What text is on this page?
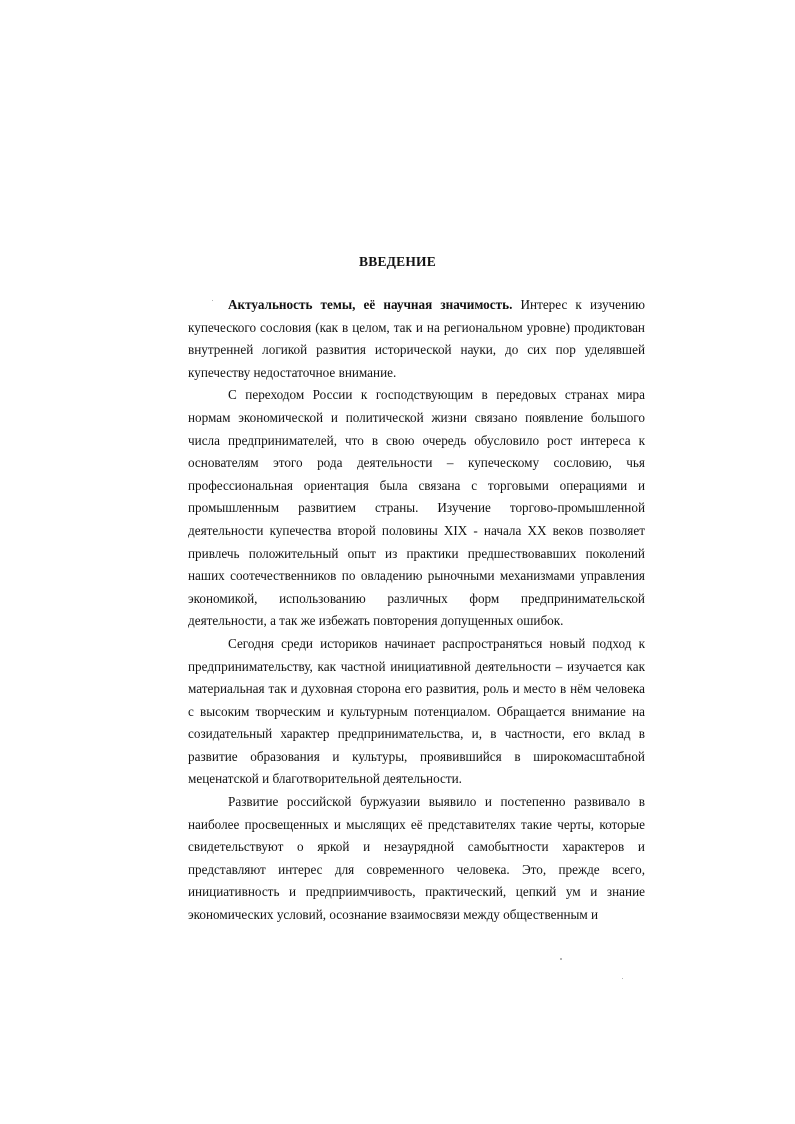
ВВЕДЕНИЕ

Актуальность темы, её научная значимость. Интерес к изучению купеческого сословия (как в целом, так и на региональном уровне) продиктован внутренней логикой развития исторической науки, до сих пор уделявшей купечеству недостаточное внимание.

С переходом России к господствующим в передовых странах мира нормам экономической и политической жизни связано появление большого числа предпринимателей, что в свою очередь обусловило рост интереса к основателям этого рода деятельности – купеческому сословию, чья профессиональная ориентация была связана с торговыми операциями и промышленным развитием страны. Изучение торгово-промышленной деятельности купечества второй половины XIX - начала XX веков позволяет привлечь положительный опыт из практики предшествовавших поколений наших соотечественников по овладению рыночными механизмами управления экономикой, использованию различных форм предпринимательской деятельности, а так же избежать повторения допущенных ошибок.

Сегодня среди историков начинает распространяться новый подход к предпринимательству, как частной инициативной деятельности – изучается как материальная так и духовная сторона его развития, роль и место в нём человека с высоким творческим и культурным потенциалом. Обращается внимание на созидательный характер предпринимательства, и, в частности, его вклад в развитие образования и культуры, проявившийся в широкомасштабной меценатской и благотворительной деятельности.

Развитие российской буржуазии выявило и постепенно развивало в наиболее просвещенных и мыслящих её представителях такие черты, которые свидетельствуют о яркой и незаурядной самобытности характеров и представляют интерес для современного человека. Это, прежде всего, инициативность и предприимчивость, практический, цепкий ум и знание экономических условий, осознание взаимосвязи между общественным и
